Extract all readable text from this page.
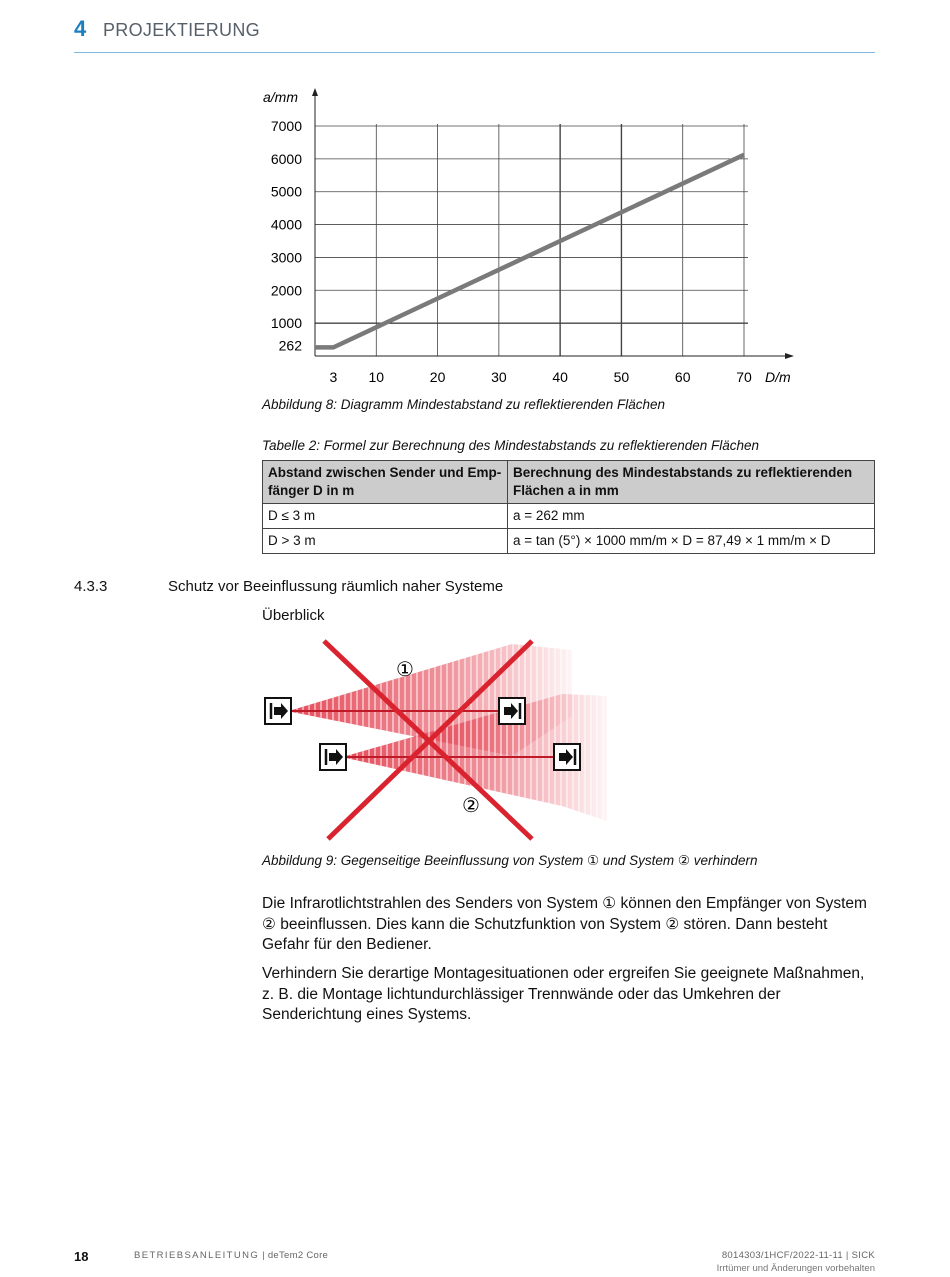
4 PROJEKTIERUNG
a/mm
D/m
7000
6000
5000
4000
3000
2000
1000
262
3 10	20	30	40	50	60	70
Abbildung 8: Diagramm Mindestabstand zu reflektierenden Flächen
Tabelle 2: Formel zur Berechnung des Mindestabstands zu reflektierenden Flächen
Abstand zwischen Sender und Emp-fänger D in m	Berechnung des Mindestabstands zu reflektierenden Flächen a in mm
D ≤ 3 m	a = 262 mm
D > 3 m	a = tan (5°) × 1000 mm/m × D = 87,49 × 1 mm/m × D
4.3.3	Schutz vor Beeinflussung räumlich naher Systeme
Überblick
①
②
Abbildung 9: Gegenseitige Beeinflussung von System ① und System ② verhindern
Die Infrarotlichtstrahlen des Senders von System ① können den Empfänger von System ② beeinflussen. Dies kann die Schutzfunktion von System ② stören. Dann besteht Gefahr für den Bediener.
Verhindern Sie derartige Montagesituationen oder ergreifen Sie geeignete Maßnahmen, z. B. die Montage lichtundurchlässiger Trennwände oder das Umkehren der Senderichtung eines Systems.
18	BETRIEBSANLEITUNG | deTem2 Core	8014303/1HCF/2022-11-11 | SICK
Irrtümer und Änderungen vorbehalten
